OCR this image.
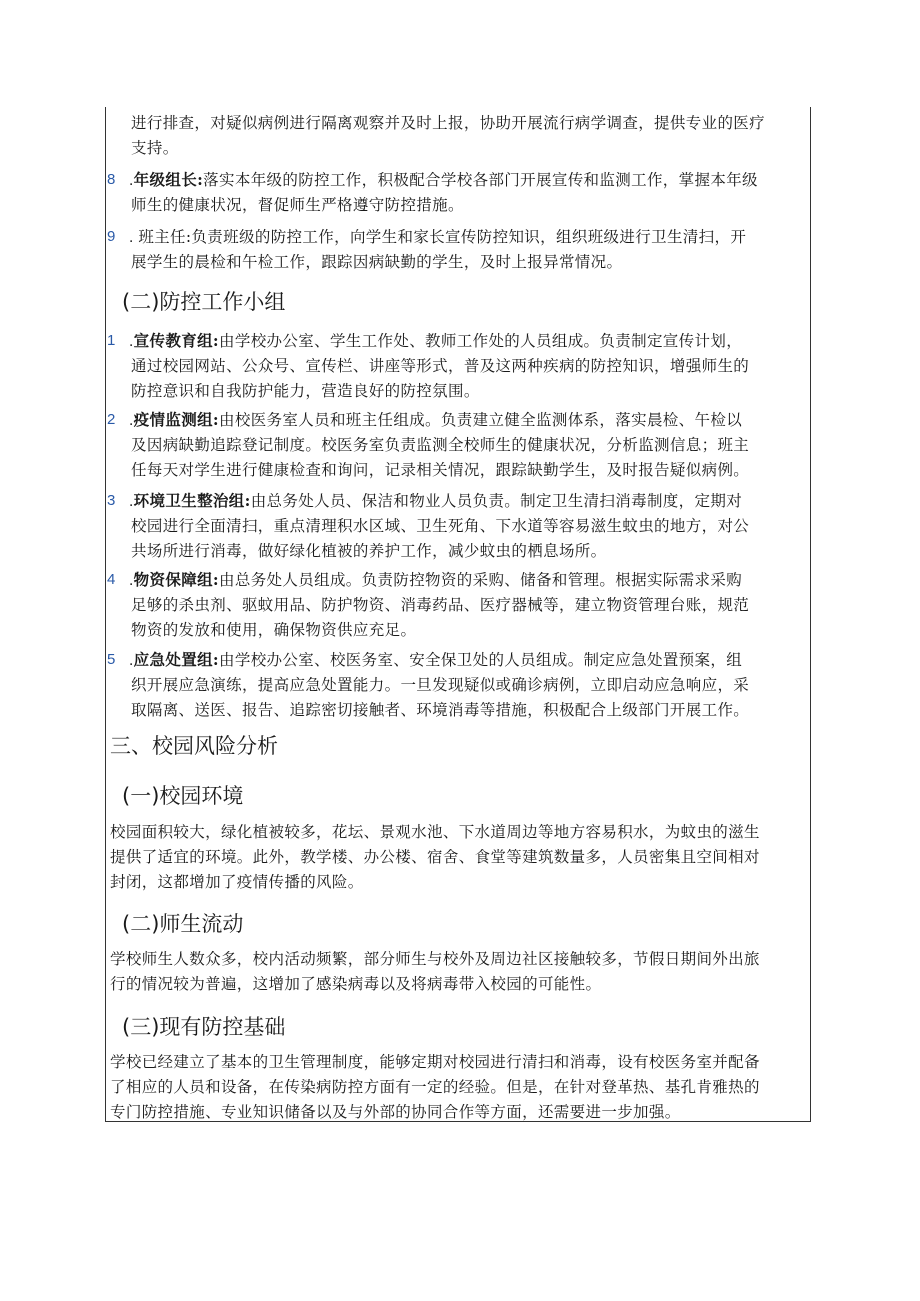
进行排查，对疑似病例进行隔离观察并及时上报，协助开展流行病学调查，提供专业的医疗
支持。
8 .年级组长:落实本年级的防控工作，积极配合学校各部门开展宣传和监测工作，掌握本年级
师生的健康状况，督促师生严格遵守防控措施。
9 . 班主任:负责班级的防控工作，向学生和家长宣传防控知识，组织班级进行卫生清扫，开
展学生的晨检和午检工作，跟踪因病缺勤的学生，及时上报异常情况。
(二)防控工作小组
1 .宣传教育组:由学校办公室、学生工作处、教师工作处的人员组成。负责制定宣传计划，
通过校园网站、公众号、宣传栏、讲座等形式，普及这两种疾病的防控知识，增强师生的
防控意识和自我防护能力，营造良好的防控氛围。
2 .疫情监测组:由校医务室人员和班主任组成。负责建立健全监测体系，落实晨检、午检以
及因病缺勤追踪登记制度。校医务室负责监测全校师生的健康状况，分析监测信息；班主
任每天对学生进行健康检查和询问，记录相关情况，跟踪缺勤学生，及时报告疑似病例。
3 .环境卫生整治组:由总务处人员、保洁和物业人员负责。制定卫生清扫消毒制度，定期对
校园进行全面清扫，重点清理积水区域、卫生死角、下水道等容易滋生蚊虫的地方，对公
共场所进行消毒，做好绿化植被的养护工作，减少蚊虫的栖息场所。
4 .物资保障组:由总务处人员组成。负责防控物资的采购、储备和管理。根据实际需求采购
足够的杀虫剂、驱蚊用品、防护物资、消毒药品、医疗器械等，建立物资管理台账，规范
物资的发放和使用，确保物资供应充足。
5 .应急处置组:由学校办公室、校医务室、安全保卫处的人员组成。制定应急处置预案，组
织开展应急演练，提高应急处置能力。一旦发现疑似或确诊病例，立即启动应急响应，采
取隔离、送医、报告、追踪密切接触者、环境消毒等措施，积极配合上级部门开展工作。
三、校园风险分析
(一)校园环境
校园面积较大，绿化植被较多，花坛、景观水池、下水道周边等地方容易积水，为蚊虫的滋生
提供了适宜的环境。此外，教学楼、办公楼、宿舍、食堂等建筑数量多，人员密集且空间相对
封闭，这都增加了疫情传播的风险。
(二)师生流动
学校师生人数众多，校内活动频繁，部分师生与校外及周边社区接触较多，节假日期间外出旅
行的情况较为普遍，这增加了感染病毒以及将病毒带入校园的可能性。
(三)现有防控基础
学校已经建立了基本的卫生管理制度，能够定期对校园进行清扫和消毒，设有校医务室并配备
了相应的人员和设备，在传染病防控方面有一定的经验。但是，在针对登革热、基孔肯雅热的
专门防控措施、专业知识储备以及与外部的协同合作等方面，还需要进一步加强。
